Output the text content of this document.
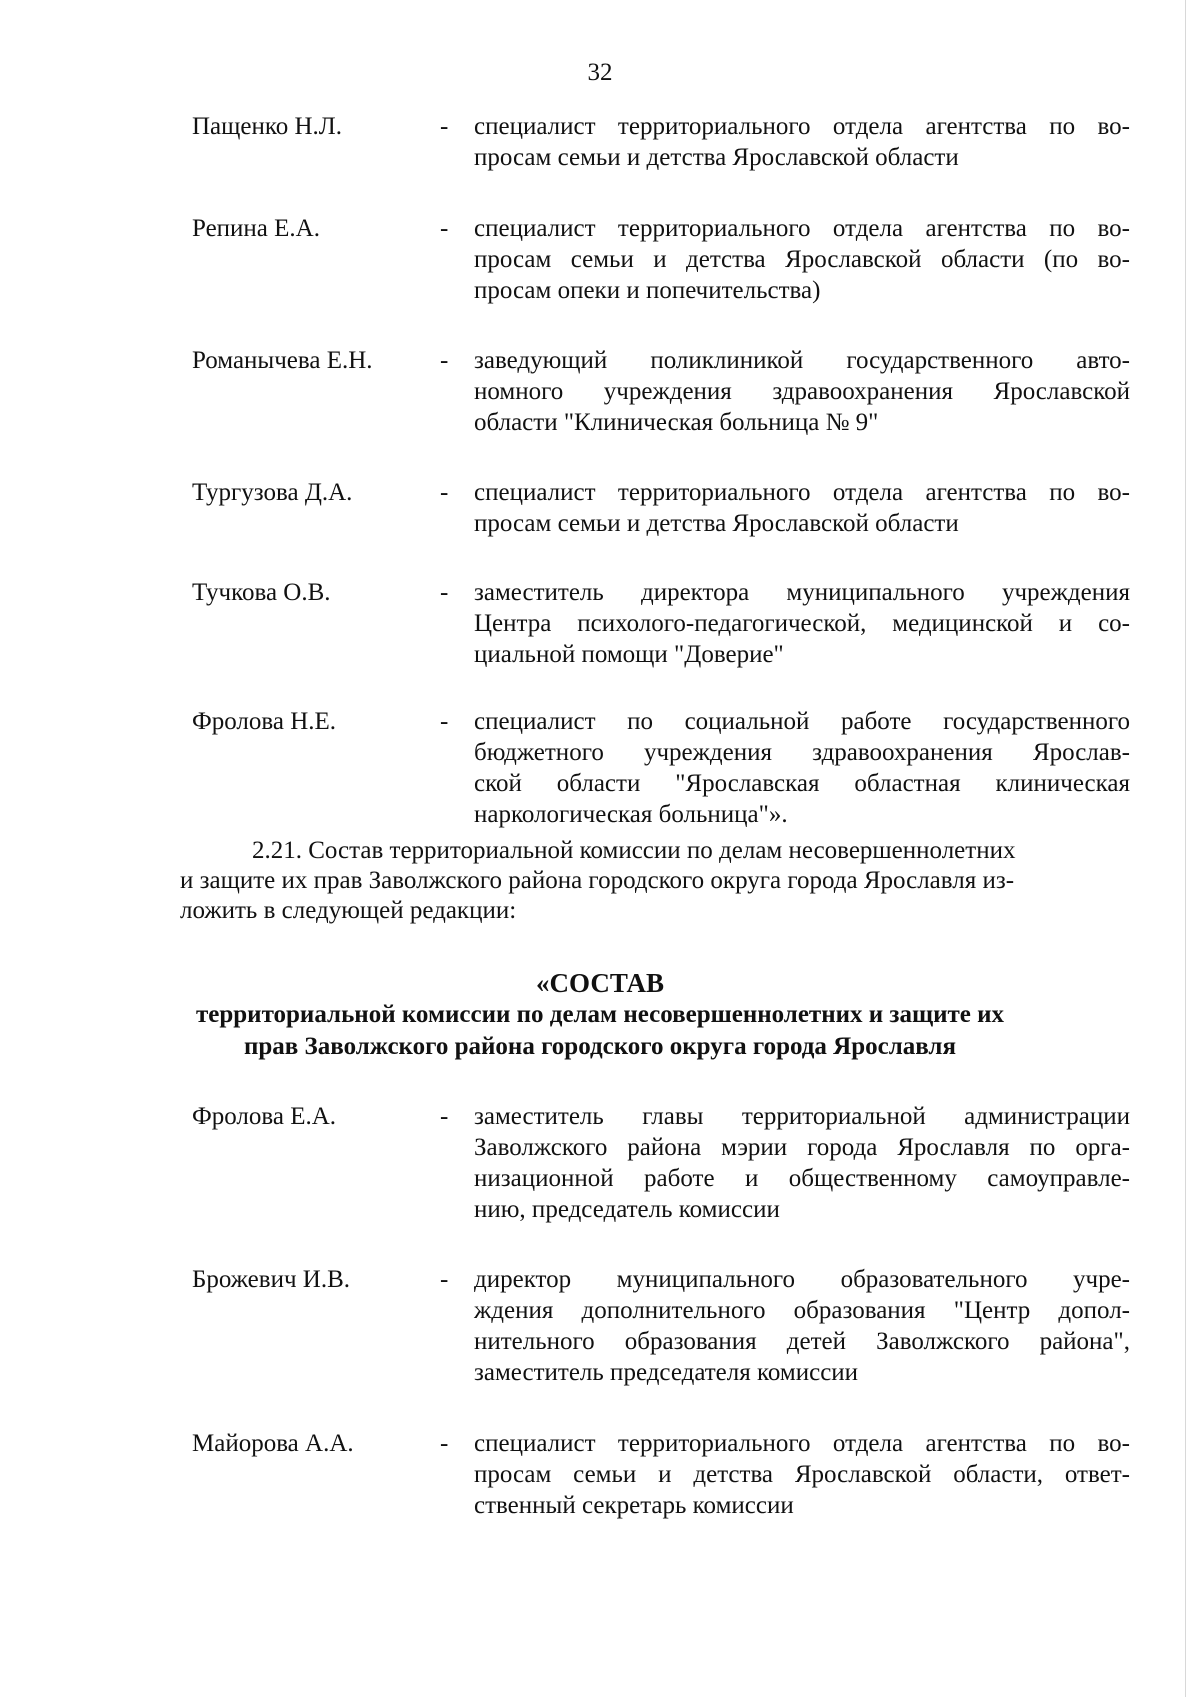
32
Пащенко Н.Л.	- специалист территориального отдела агентства по во-
просам семьи и детства Ярославской области
Репина Е.А.	- специалист территориального отдела агентства по во-
просам семьи и детства Ярославской области (по во-
просам опеки и попечительства)
Романычева Е.Н.	- заведующий поликлиникой государственного авто-
номного учреждения здравоохранения Ярославской
области "Клиническая больница № 9"
Тургузова Д.А.	- специалист территориального отдела агентства по во-
просам семьи и детства Ярославской области
Тучкова О.В.	- заместитель директора муниципального учреждения
Центра психолого-педагогической, медицинской и со-
циальной помощи "Доверие"
Фролова Н.Е.	- специалист по социальной работе государственного
бюджетного учреждения здравоохранения Ярослав-
ской области "Ярославская областная клиническая
наркологическая больница"».
2.21. Состав территориальной комиссии по делам несовершеннолетних
и защите их прав Заволжского района городского округа города Ярославля из-
ложить в следующей редакции:
«СОСТАВ
территориальной комиссии по делам несовершеннолетних и защите их
прав Заволжского района городского округа города Ярославля
Фролова Е.А.	- заместитель главы территориальной администрации
Заволжского района мэрии города Ярославля по орга-
низационной работе и общественному самоуправле-
нию, председатель комиссии
Брожевич И.В.	- директор муниципального образовательного учре-
ждения дополнительного образования "Центр допол-
нительного образования детей Заволжского района",
заместитель председателя комиссии
Майорова А.А.	- специалист территориального отдела агентства по во-
просам семьи и детства Ярославской области, ответ-
ственный секретарь комиссии
